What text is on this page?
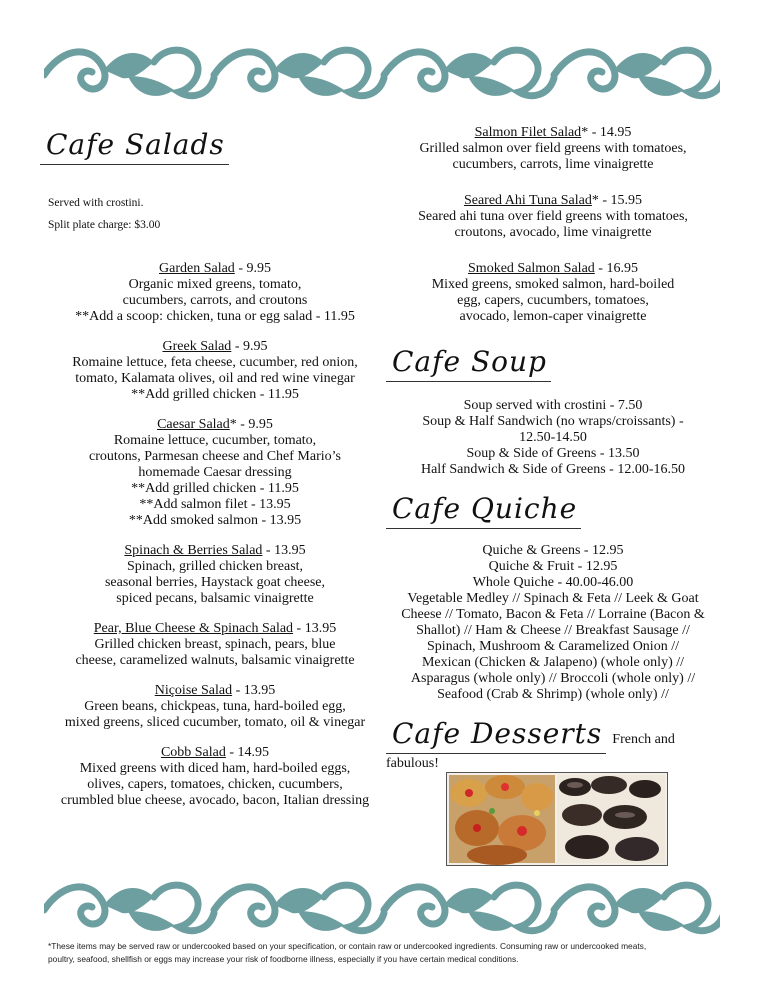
Cafe Salads

Served with crostini.

Split plate charge: $3.00

Garden Salad - 9.95
Organic mixed greens, tomato,
cucumbers, carrots, and croutons
**Add a scoop: chicken, tuna or egg salad - 11.95
Greek Salad - 9.95
Romaine lettuce, feta cheese, cucumber, red onion,
tomato, Kalamata olives, oil and red wine vinegar
**Add grilled chicken - 11.95
Caesar Salad* - 9.95
Romaine lettuce, cucumber, tomato,
croutons, Parmesan cheese and Chef Mario’s
homemade Caesar dressing
**Add grilled chicken - 11.95
**Add salmon filet - 13.95
**Add smoked salmon - 13.95
Spinach & Berries Salad - 13.95
Spinach, grilled chicken breast,
seasonal berries, Haystack goat cheese,
spiced pecans, balsamic vinaigrette
Pear, Blue Cheese & Spinach Salad - 13.95
Grilled chicken breast, spinach, pears, blue
cheese, caramelized walnuts, balsamic vinaigrette
Niçoise Salad - 13.95
Green beans, chickpeas, tuna, hard-boiled egg,
mixed greens, sliced cucumber, tomato, oil & vinegar
Cobb Salad - 14.95
Mixed greens with diced ham, hard-boiled eggs,
olives, capers, tomatoes, chicken, cucumbers,
crumbled blue cheese, avocado, bacon, Italian dressing
Salmon Filet Salad* - 14.95
Grilled salmon over field greens with tomatoes,
cucumbers, carrots, lime vinaigrette
Seared Ahi Tuna Salad* - 15.95
Seared ahi tuna over field greens with tomatoes,
croutons, avocado, lime vinaigrette
Smoked Salmon Salad - 16.95
Mixed greens, smoked salmon, hard-boiled
egg, capers, cucumbers, tomatoes,
avocado, lemon-caper vinaigrette
Cafe Soup
Soup served with crostini - 7.50
Soup & Half Sandwich (no wraps/croissants) -
12.50-14.50
Soup & Side of Greens - 13.50
Half Sandwich & Side of Greens - 12.00-16.50
Cafe Quiche
Quiche & Greens - 12.95
Quiche & Fruit - 12.95
Whole Quiche - 40.00-46.00
Vegetable Medley // Spinach & Feta // Leek & Goat
Cheese // Tomato, Bacon & Feta // Lorraine (Bacon &
Shallot) // Ham & Cheese // Breakfast Sausage //
Spinach, Mushroom & Caramelized Onion //
Mexican (Chicken & Jalapeno) (whole only) //
Asparagus (whole only) // Broccoli (whole only) //
Seafood (Crab & Shrimp) (whole only) //
Cafe Desserts French and fabulous!
*These items may be served raw or undercooked based on your specification, or contain raw or undercooked ingredients. Consuming raw or undercooked meats,
poultry, seafood, shellfish or eggs may increase your risk of foodborne illness, especially if you have certain medical conditions.
